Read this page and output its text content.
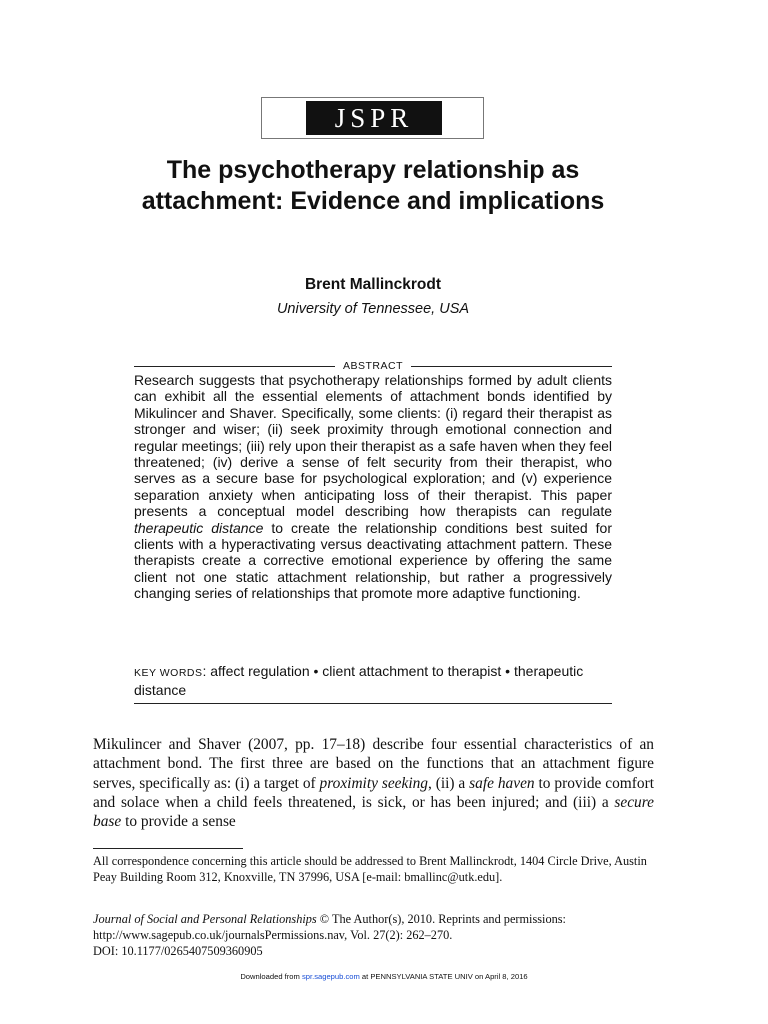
JSPR
The psychotherapy relationship as attachment: Evidence and implications
Brent Mallinckrodt
University of Tennessee, USA
ABSTRACT

Research suggests that psychotherapy relationships formed by adult clients can exhibit all the essential elements of attachment bonds identified by Mikulincer and Shaver. Specifically, some clients: (i) regard their therapist as stronger and wiser; (ii) seek proximity through emotional connection and regular meetings; (iii) rely upon their therapist as a safe haven when they feel threatened; (iv) derive a sense of felt security from their therapist, who serves as a secure base for psychological exploration; and (v) experience separation anxiety when anticipating loss of their therapist. This paper presents a conceptual model describing how therapists can regulate therapeutic distance to create the relationship conditions best suited for clients with a hyperactivating versus deactivating attachment pattern. These therapists create a corrective emotional experience by offering the same client not one static attachment relationship, but rather a progressively changing series of relationships that promote more adaptive functioning.

KEY WORDS: affect regulation • client attachment to therapist • therapeutic distance

Mikulincer and Shaver (2007, pp. 17–18) describe four essential characteristics of an attachment bond. The first three are based on the functions that an attachment figure serves, specifically as: (i) a target of proximity seeking, (ii) a safe haven to provide comfort and solace when a child feels threatened, is sick, or has been injured; and (iii) a secure base to provide a sense

All correspondence concerning this article should be addressed to Brent Mallinckrodt, 1404 Circle Drive, Austin Peay Building Room 312, Knoxville, TN 37996, USA [e-mail: bmallinc@utk.edu].

Journal of Social and Personal Relationships © The Author(s), 2010. Reprints and permissions:
http://www.sagepub.co.uk/journalsPermissions.nav, Vol. 27(2): 262–270.
DOI: 10.1177/0265407509360905

Downloaded from spr.sagepub.com at PENNSYLVANIA STATE UNIV on April 8, 2016
